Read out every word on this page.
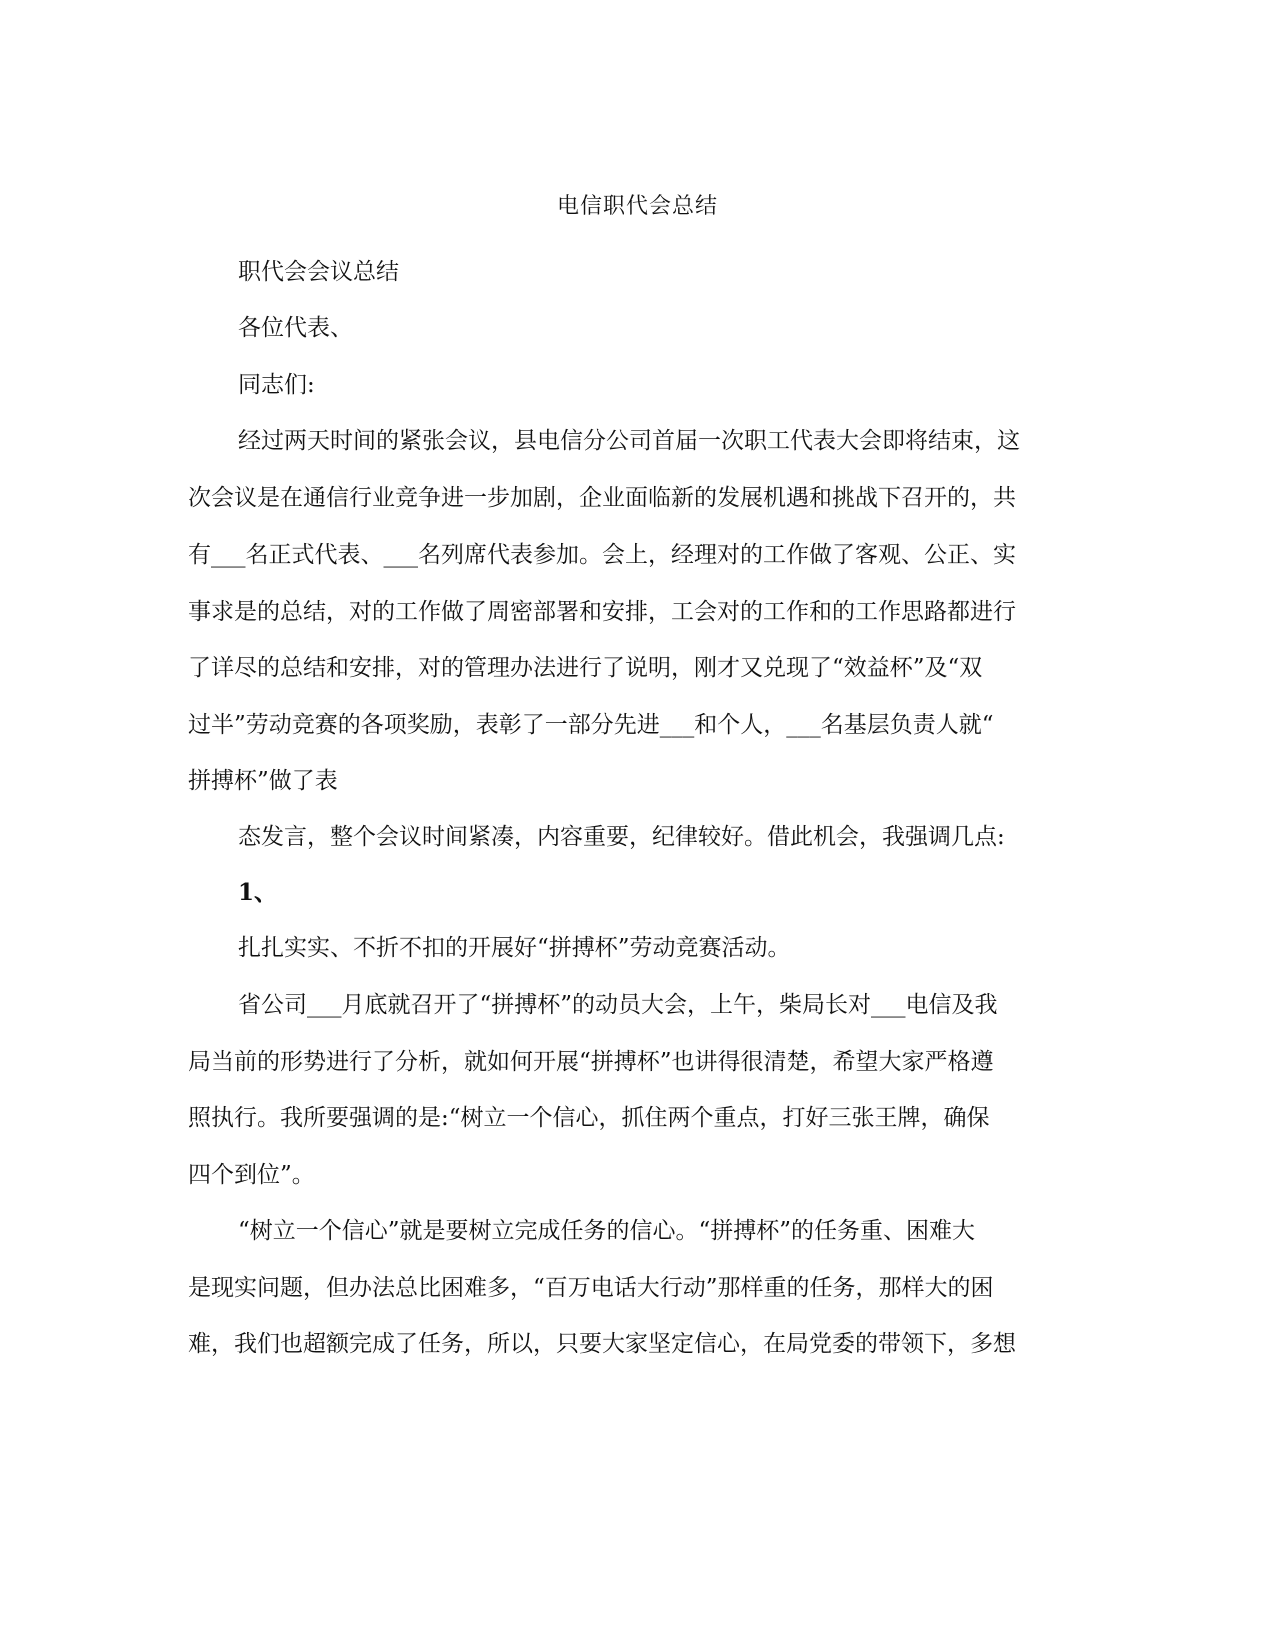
电信职代会总结
职代会会议总结
各位代表、
同志们:
经过两天时间的紧张会议，县电信分公司首届一次职工代表大会即将结束，这
次会议是在通信行业竞争进一步加剧，企业面临新的发展机遇和挑战下召开的，共
有___名正式代表、___名列席代表参加。会上，经理对的工作做了客观、公正、实
事求是的总结，对的工作做了周密部署和安排，工会对的工作和的工作思路都进行
了详尽的总结和安排，对的管理办法进行了说明，刚才又兑现了“效益杯”及“双
过半”劳动竞赛的各项奖励，表彰了一部分先进___和个人，___名基层负责人就“
拼搏杯”做了表
态发言，整个会议时间紧凑，内容重要，纪律较好。借此机会，我强调几点:
1、
扎扎实实、不折不扣的开展好“拼搏杯”劳动竞赛活动。
省公司___月底就召开了“拼搏杯”的动员大会，上午，柴局长对___电信及我
局当前的形势进行了分析，就如何开展“拼搏杯”也讲得很清楚，希望大家严格遵
照执行。我所要强调的是:“树立一个信心，抓住两个重点，打好三张王牌，确保
四个到位”。
“树立一个信心”就是要树立完成任务的信心。“拼搏杯”的任务重、困难大
是现实问题，但办法总比困难多，“百万电话大行动”那样重的任务，那样大的困
难，我们也超额完成了任务，所以，只要大家坚定信心，在局党委的带领下，多想
